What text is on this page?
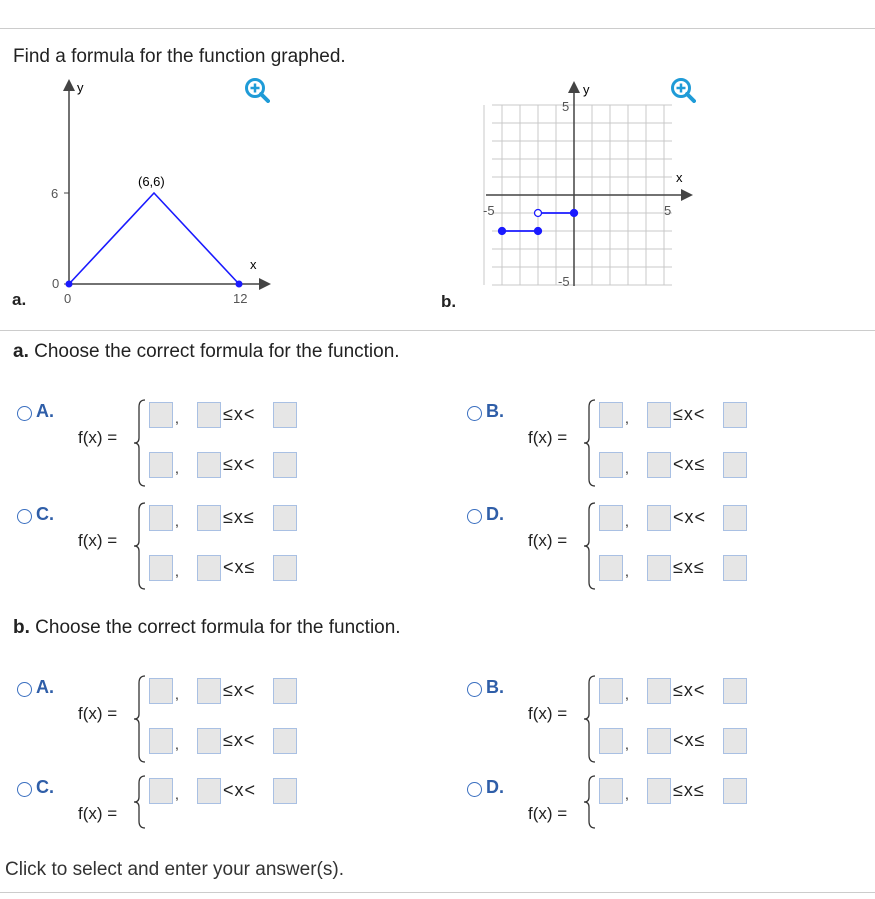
Find a formula for the function graphed.
y
x
6
0
0	12
(6,6)
a.
y
x
-5	5
5
-5
b.
a. Choose the correct formula for the function.
A.
f(x) =
, ≤x<
, ≤x<
B.
f(x) =
, ≤x<
, <x≤
C.
f(x) =
, ≤x≤
, <x≤
D.
f(x) =
, <x<
, ≤x≤
b. Choose the correct formula for the function.
A.
f(x) =
, ≤x<
, ≤x<
B.
f(x) =
, ≤x<
, <x≤
C.
f(x) =
, <x<	D.
f(x) =
, ≤x≤
Click to select and enter your answer(s).
